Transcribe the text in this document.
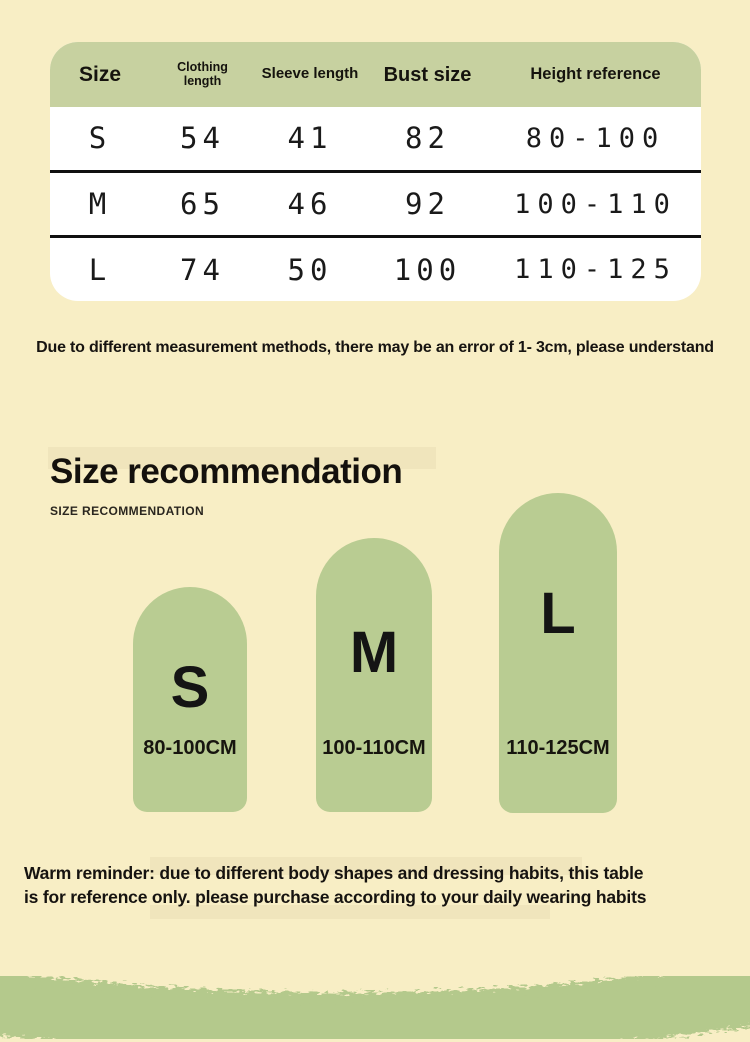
Size	Clothing length	Sleeve length	Bust size	Height reference
S	54	41	82	80-100
M	65	46	92	100-110
L	74	50	100	110-125
Due to different measurement methods, there may be an error of 1- 3cm, please understand
Size recommendation
SIZE RECOMMENDATION
S
80-100CM
M
100-110CM
L
110-125CM
Warm reminder: due to different body shapes and dressing habits, this table
is for reference only. please purchase according to your daily wearing habits
